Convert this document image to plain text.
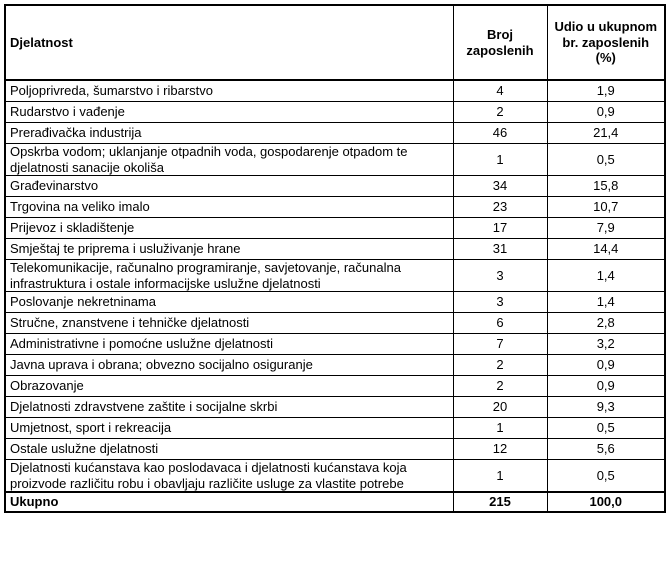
Djelatnost	Broj zaposlenih	Udio u ukupnom br. zaposlenih (%)
Poljoprivreda, šumarstvo i ribarstvo	4	1,9
Rudarstvo i vađenje	2	0,9
Prerađivačka industrija	46	21,4
Opskrba vodom; uklanjanje otpadnih voda, gospodarenje otpadom te djelatnosti sanacije okoliša	1	0,5
Građevinarstvo	34	15,8
Trgovina na veliko imalo	23	10,7
Prijevoz i skladištenje	17	7,9
Smještaj te priprema i usluživanje hrane	31	14,4
Telekomunikacije, računalno programiranje, savjetovanje, računalna infrastruktura i ostale informacijske uslužne djelatnosti	3	1,4
Poslovanje nekretninama	3	1,4
Stručne, znanstvene i tehničke djelatnosti	6	2,8
Administrativne i pomoćne uslužne djelatnosti	7	3,2
Javna uprava i obrana; obvezno socijalno osiguranje	2	0,9
Obrazovanje	2	0,9
Djelatnosti zdravstvene zaštite i socijalne skrbi	20	9,3
Umjetnost, sport i rekreacija	1	0,5
Ostale uslužne djelatnosti	12	5,6
Djelatnosti kućanstava kao poslodavaca i djelatnosti kućanstava koja proizvode različitu robu i obavljaju različite usluge za vlastite potrebe	1	0,5
Ukupno	215	100,0
